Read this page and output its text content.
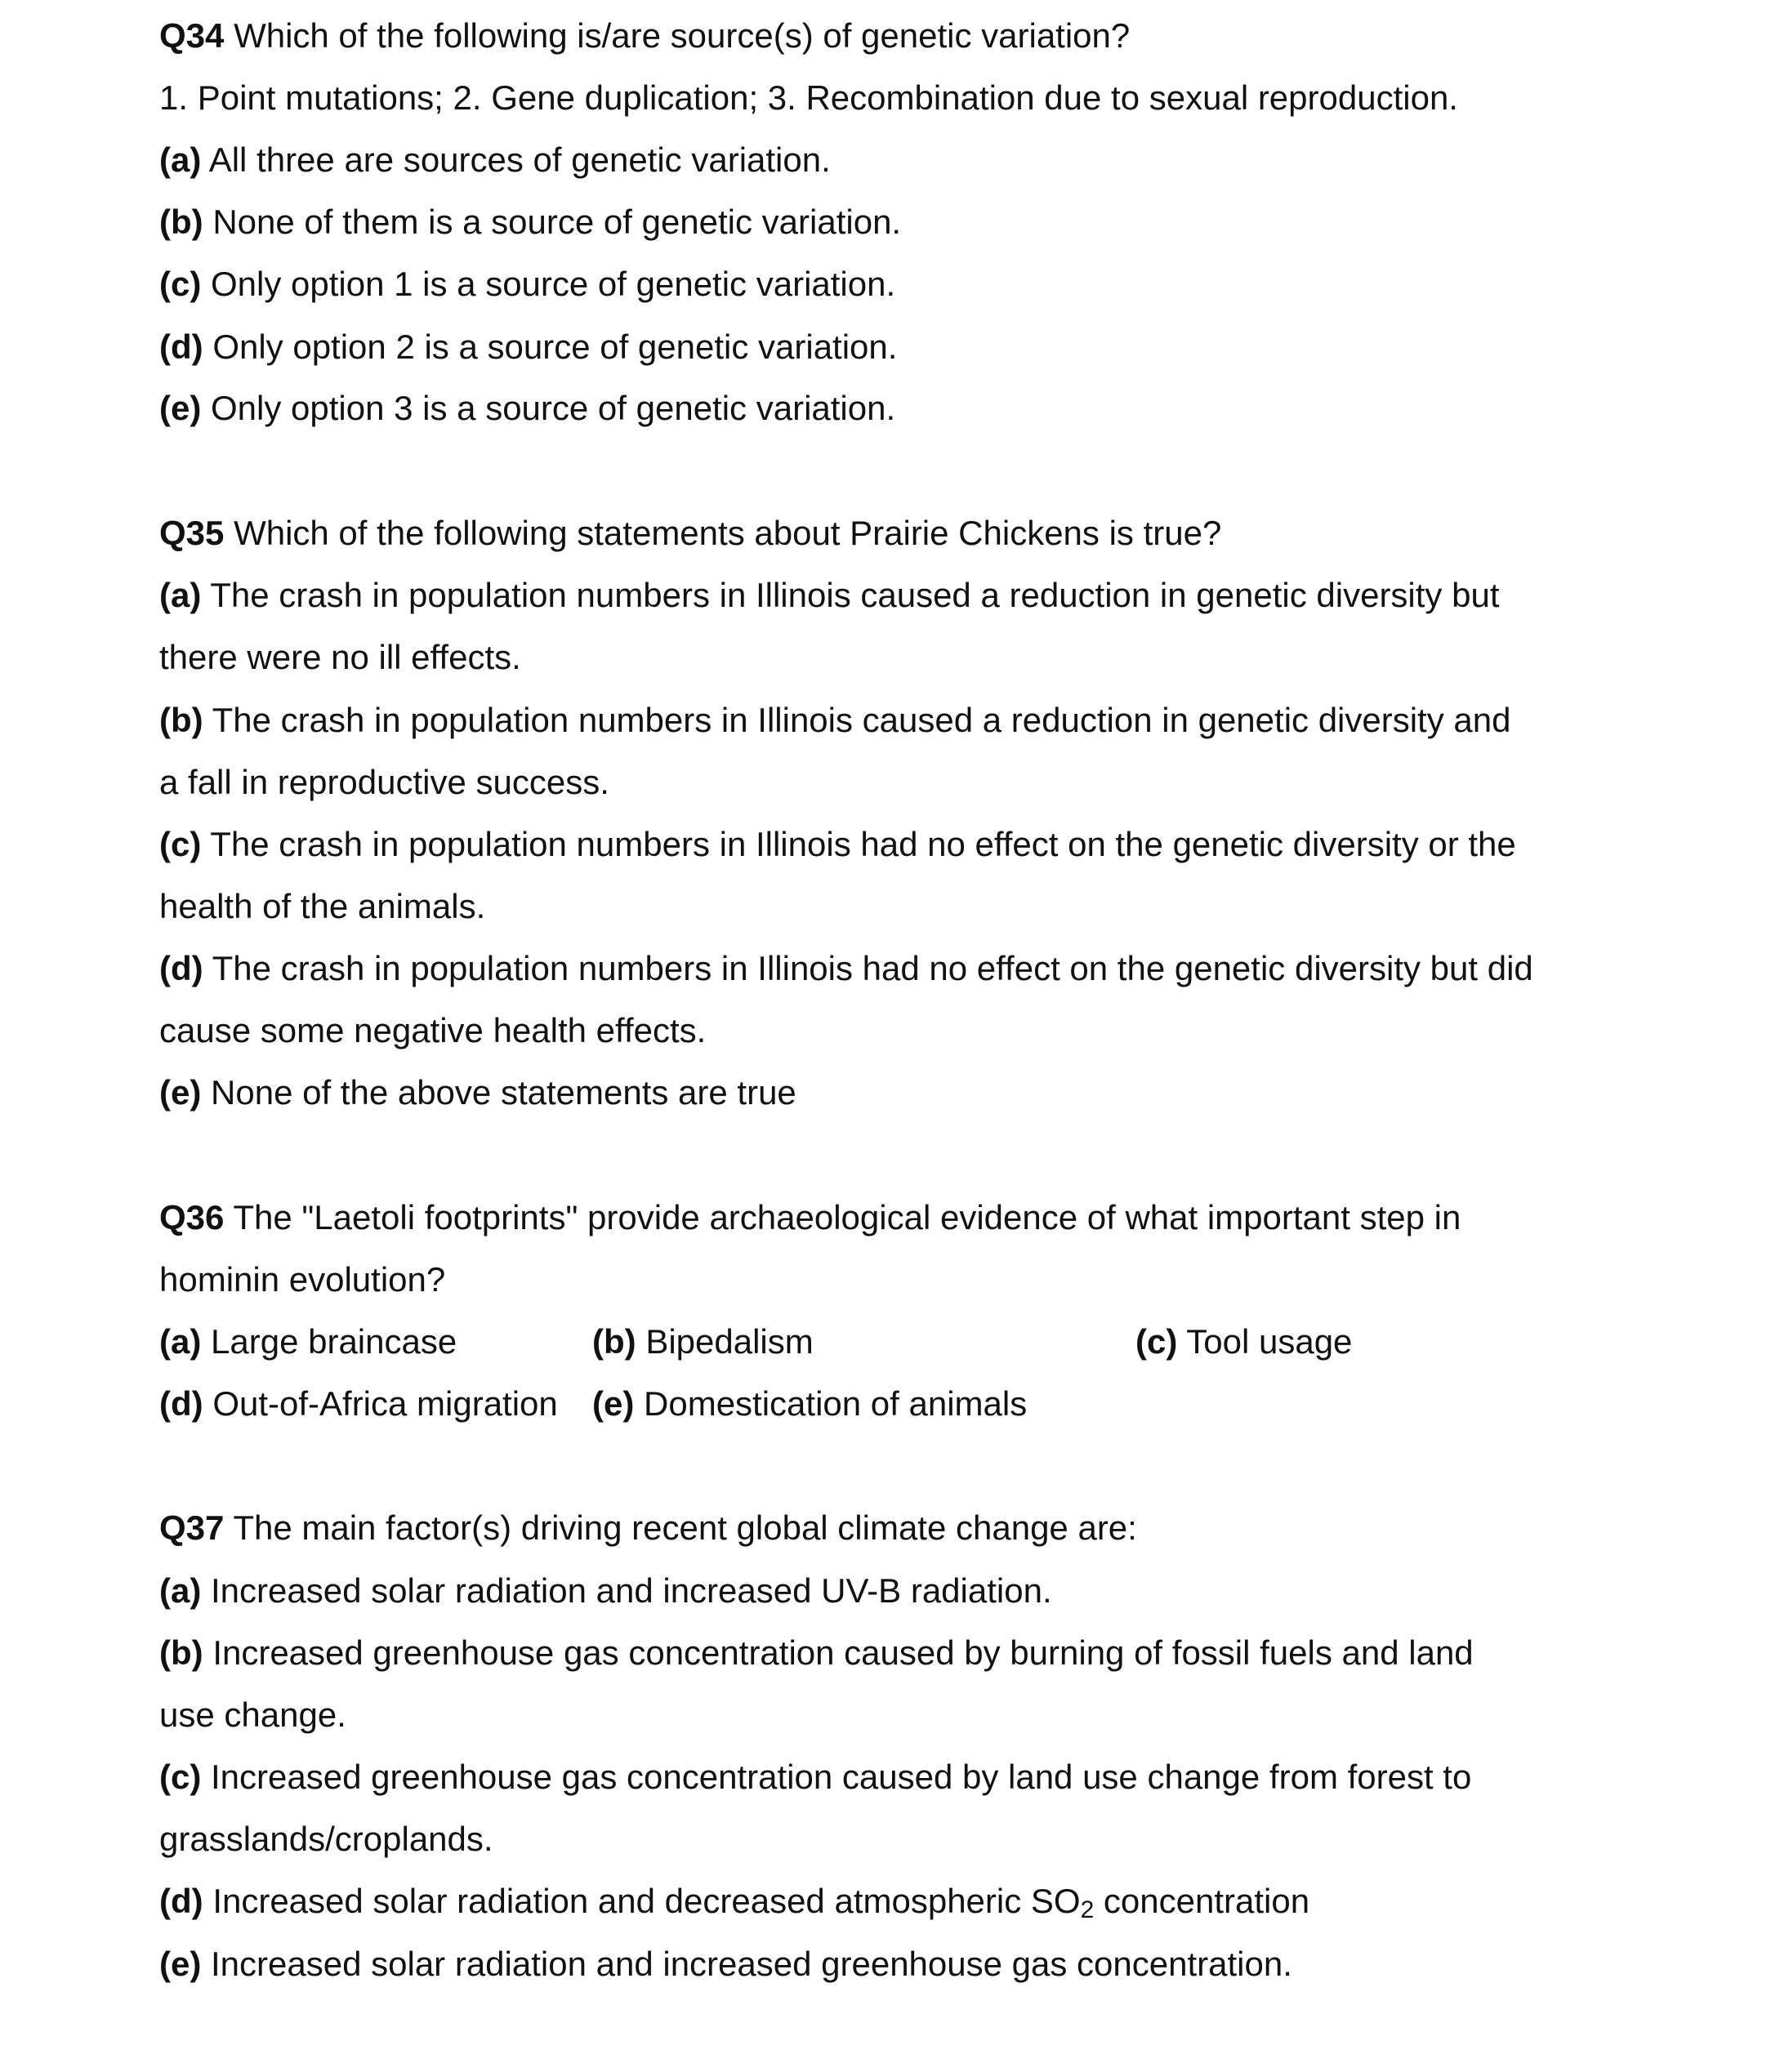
Q34 Which of the following is/are source(s) of genetic variation?
1. Point mutations; 2. Gene duplication; 3. Recombination due to sexual reproduction.
(a) All three are sources of genetic variation.
(b) None of them is a source of genetic variation.
(c) Only option 1 is a source of genetic variation.
(d) Only option 2 is a source of genetic variation.
(e) Only option 3 is a source of genetic variation.
Q35 Which of the following statements about Prairie Chickens is true?
(a) The crash in population numbers in Illinois caused a reduction in genetic diversity but
there were no ill effects.
(b) The crash in population numbers in Illinois caused a reduction in genetic diversity and
a fall in reproductive success.
(c) The crash in population numbers in Illinois had no effect on the genetic diversity or the
health of the animals.
(d) The crash in population numbers in Illinois had no effect on the genetic diversity but did
cause some negative health effects.
(e) None of the above statements are true
Q36 The "Laetoli footprints" provide archaeological evidence of what important step in
hominin evolution?
(a) Large braincase	(b) Bipedalism	(c) Tool usage
(d) Out-of-Africa migration (e) Domestication of animals
Q37 The main factor(s) driving recent global climate change are:
(a) Increased solar radiation and increased UV-B radiation.
(b) Increased greenhouse gas concentration caused by burning of fossil fuels and land
use change.
(c) Increased greenhouse gas concentration caused by land use change from forest to
grasslands/croplands.
(d) Increased solar radiation and decreased atmospheric $SO_2$ concentration
(e) Increased solar radiation and increased greenhouse gas concentration.
